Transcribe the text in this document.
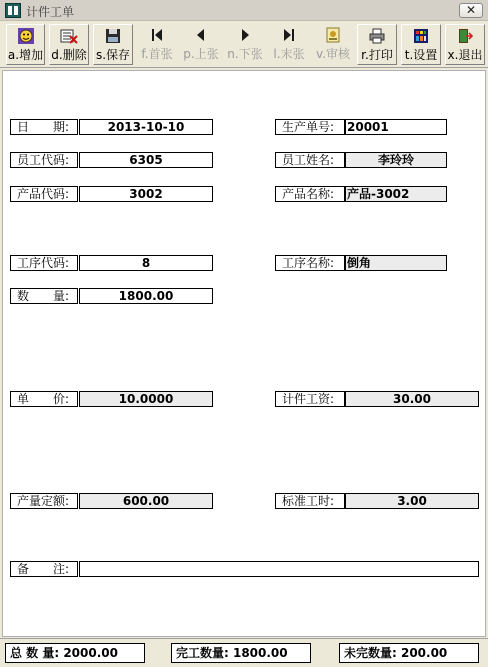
计件工单	✕
a.增加 d.删除 s.保存 f.首张 p.上张 n.下张 l.末张 v.审核 r.打印 t.设置 x.退出
日　　期:	2013-10-10	生产单号:	20001
员工代码:	6305	员工姓名:	李玲玲
产品代码:	3002	产品名称:	产品-3002
工序代码:	8	工序名称:	倒角
数　　量:	1800.00
单　　价:	10.0000	计件工资:	30.00
产量定额:	600.00	标准工时:	3.00
备　　注:
总 数 量: 2000.00	完工数量: 1800.00	未完数量: 200.00
